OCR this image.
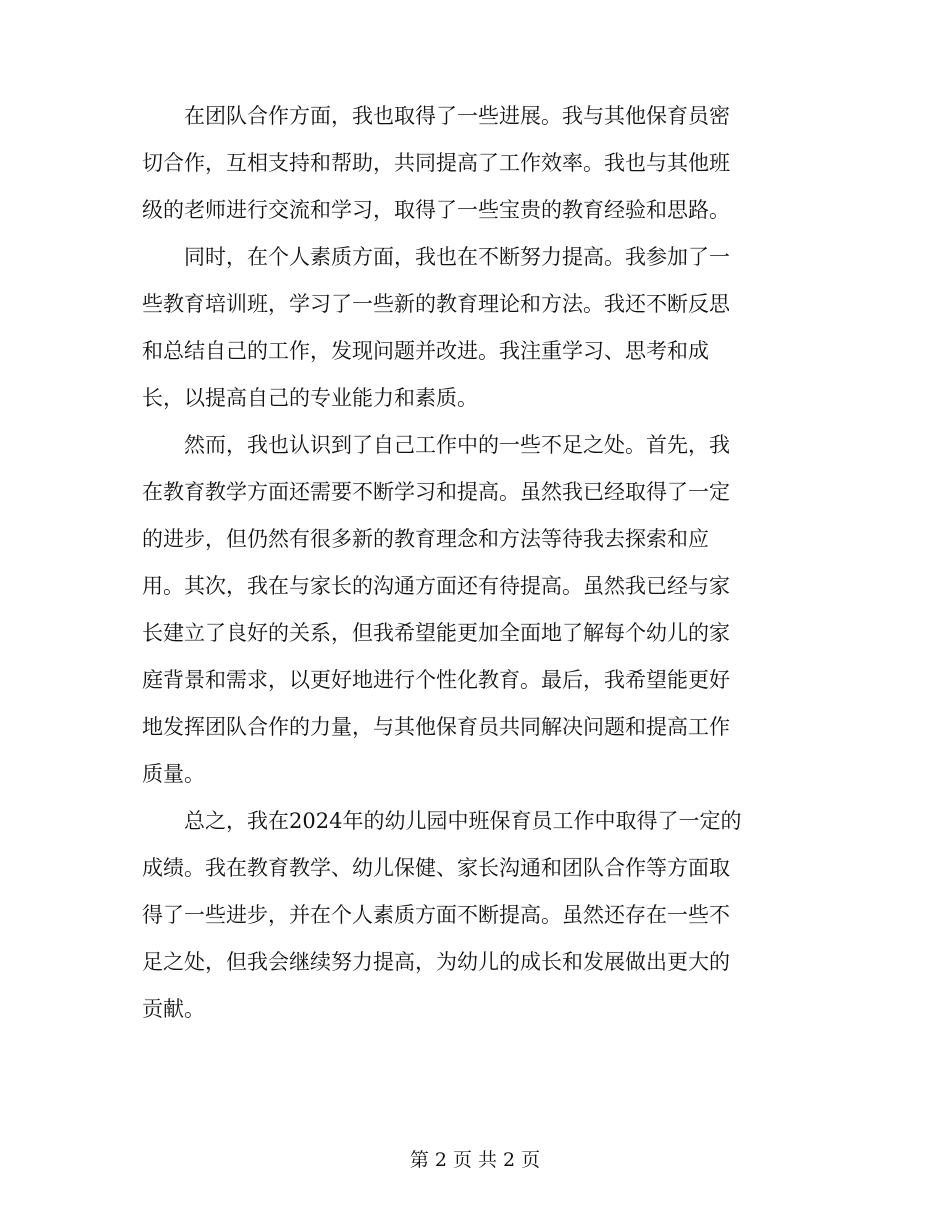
　　在团队合作方面，我也取得了一些进展。我与其他保育员密
切合作，互相支持和帮助，共同提高了工作效率。我也与其他班
级的老师进行交流和学习，取得了一些宝贵的教育经验和思路。
　　同时，在个人素质方面，我也在不断努力提高。我参加了一
些教育培训班，学习了一些新的教育理论和方法。我还不断反思
和总结自己的工作，发现问题并改进。我注重学习、思考和成
长，以提高自己的专业能力和素质。
　　然而，我也认识到了自己工作中的一些不足之处。首先，我
在教育教学方面还需要不断学习和提高。虽然我已经取得了一定
的进步，但仍然有很多新的教育理念和方法等待我去探索和应
用。其次，我在与家长的沟通方面还有待提高。虽然我已经与家
长建立了良好的关系，但我希望能更加全面地了解每个幼儿的家
庭背景和需求，以更好地进行个性化教育。最后，我希望能更好
地发挥团队合作的力量，与其他保育员共同解决问题和提高工作
质量。
　　总之，我在2024年的幼儿园中班保育员工作中取得了一定的
成绩。我在教育教学、幼儿保健、家长沟通和团队合作等方面取
得了一些进步，并在个人素质方面不断提高。虽然还存在一些不
足之处，但我会继续努力提高，为幼儿的成长和发展做出更大的
贡献。
第 2 页 共 2 页
